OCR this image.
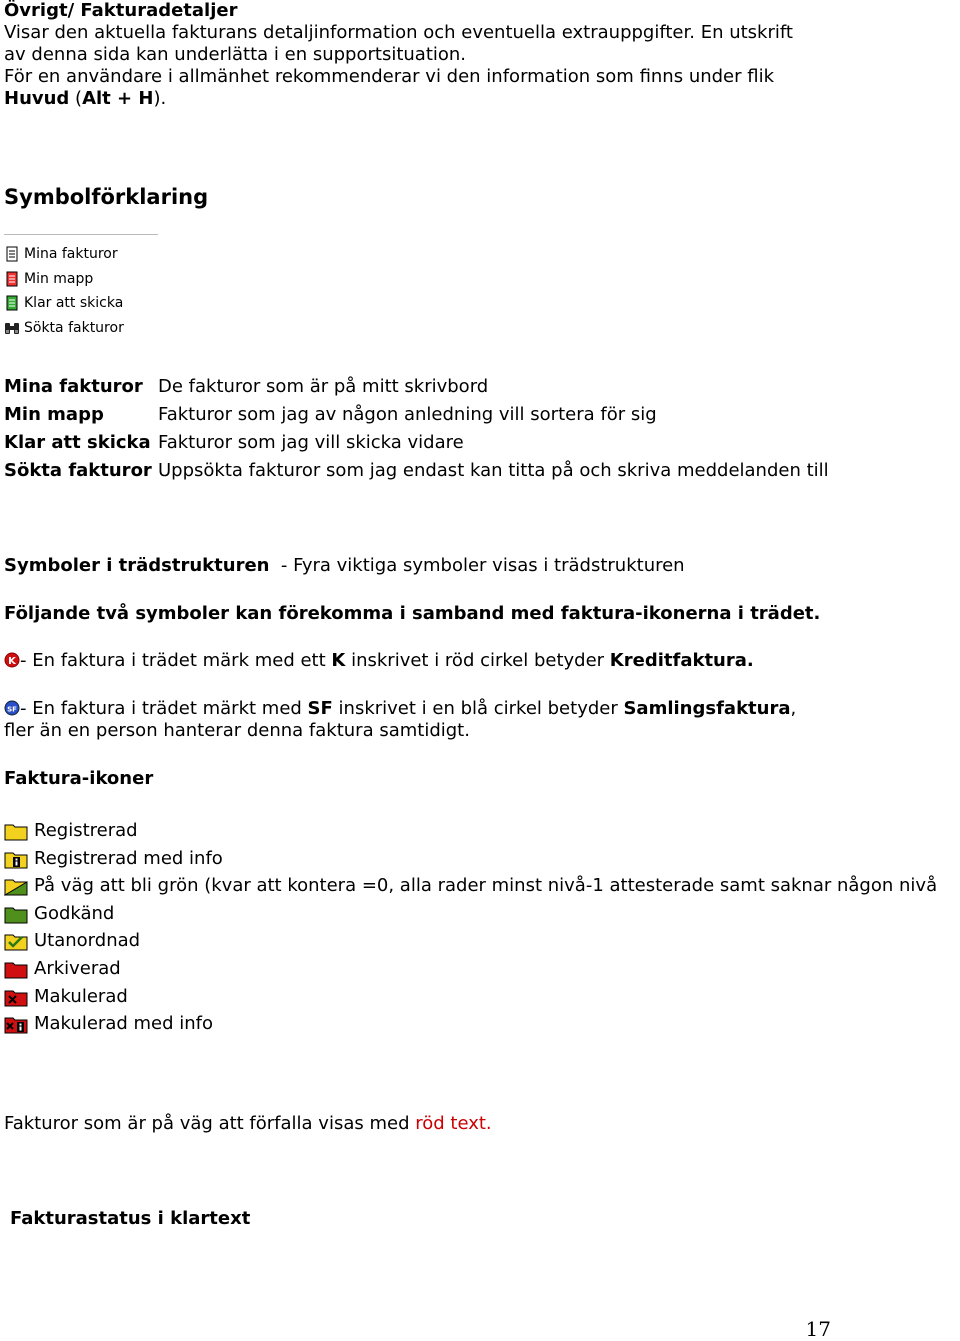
Övrigt/ Fakturadetaljer
Visar den aktuella fakturans detaljinformation och eventuella extrauppgifter. En utskrift
av denna sida kan underlätta i en supportsituation.
För en användare i allmänhet rekommenderar vi den information som finns under flik
Huvud (Alt + H).
Symbolförklaring
Mina fakturor
Min mapp
Klar att skicka
Sökta fakturor
Mina fakturor De fakturor som är på mitt skrivbord
Min mapp	Fakturor som jag av någon anledning vill sortera för sig
Klar att skicka Fakturor som jag vill skicka vidare
Sökta fakturor Uppsökta fakturor som jag endast kan titta på och skriva meddelanden till
Symboler i trädstrukturen  - Fyra viktiga symboler visas i trädstrukturen
Följande två symboler kan förekomma i samband med faktura-ikonerna i trädet.
K - En faktura i trädet märk med ett K inskrivet i röd cirkel betyder Kreditfaktura.
SF - En faktura i trädet märkt med SF inskrivet i en blå cirkel betyder Samlingsfaktura,
fler än en person hanterar denna faktura samtidigt.
Faktura-ikoner
Registrerad
Registrerad med info
På väg att bli grön (kvar att kontera =0, alla rader minst nivå-1 attesterade samt saknar någon nivå
Godkänd
Utanordnad
Arkiverad
Makulerad
Makulerad med info
Fakturor som är på väg att förfalla visas med röd text.
Fakturastatus i klartext
17
